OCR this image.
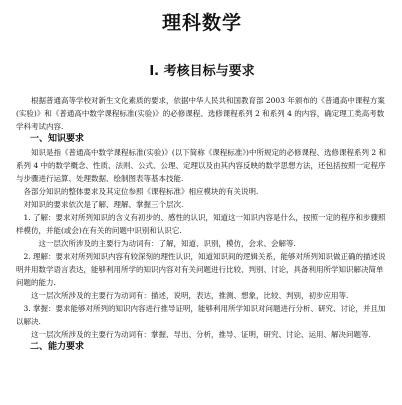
理科数学
Ⅰ. 考核目标与要求

根据普通高等学校对新生文化素质的要求，依据中华人民共和国教育部 2003 年颁布的《普通高中课程方案(实验)》和《普通高中数学课程标准(实验)》的必修课程、选修课程系列 2 和系列 4 的内容，确定理工类高考数学科考试内容.

一、知识要求

知识是指《普通高中数学课程标准(实验)》(以下简称《课程标准》)中所规定的必修课程、选修课程系列 2 和系列 4 中的数学概念、性质、法则、公式、公理、定理以及由其内容反映的数学思想方法，还包括按照一定程序与步骤进行运算、处理数据、绘制图表等基本技能.

各部分知识的整体要求及其定位参照《课程标准》相应模块的有关说明.

对知识的要求依次是了解、理解、掌握三个层次.

1. 了解：要求对所列知识的含义有初步的、感性的认识，知道这一知识内容是什么，按照一定的程序和步骤照样模仿，并能(或会)在有关的问题中识别和认识它.

这一层次所涉及的主要行为动词有：了解，知道、识别，模仿，会求、会解等.

2. 理解：要求对所列知识内容有较深刻的理性认识，知道知识间的逻辑关系，能够对所列知识做正确的描述说明并用数学语言表达，能够利用所学的知识内容对有关问题进行比较、判别、讨论，具备利用所学知识解决简单问题的能力.

这一层次所涉及的主要行为动词有：描述，说明，表达，推测、想象，比较、判别，初步应用等.

3. 掌握：要求能够对所列的知识内容进行推导证明，能够利用所学知识对问题进行分析、研究、讨论，并且加以解决.

这一层次所涉及的主要行为动词有：掌握、导出、分析，推导、证明，研究、讨论、运用、解决问题等.

二、能力要求
